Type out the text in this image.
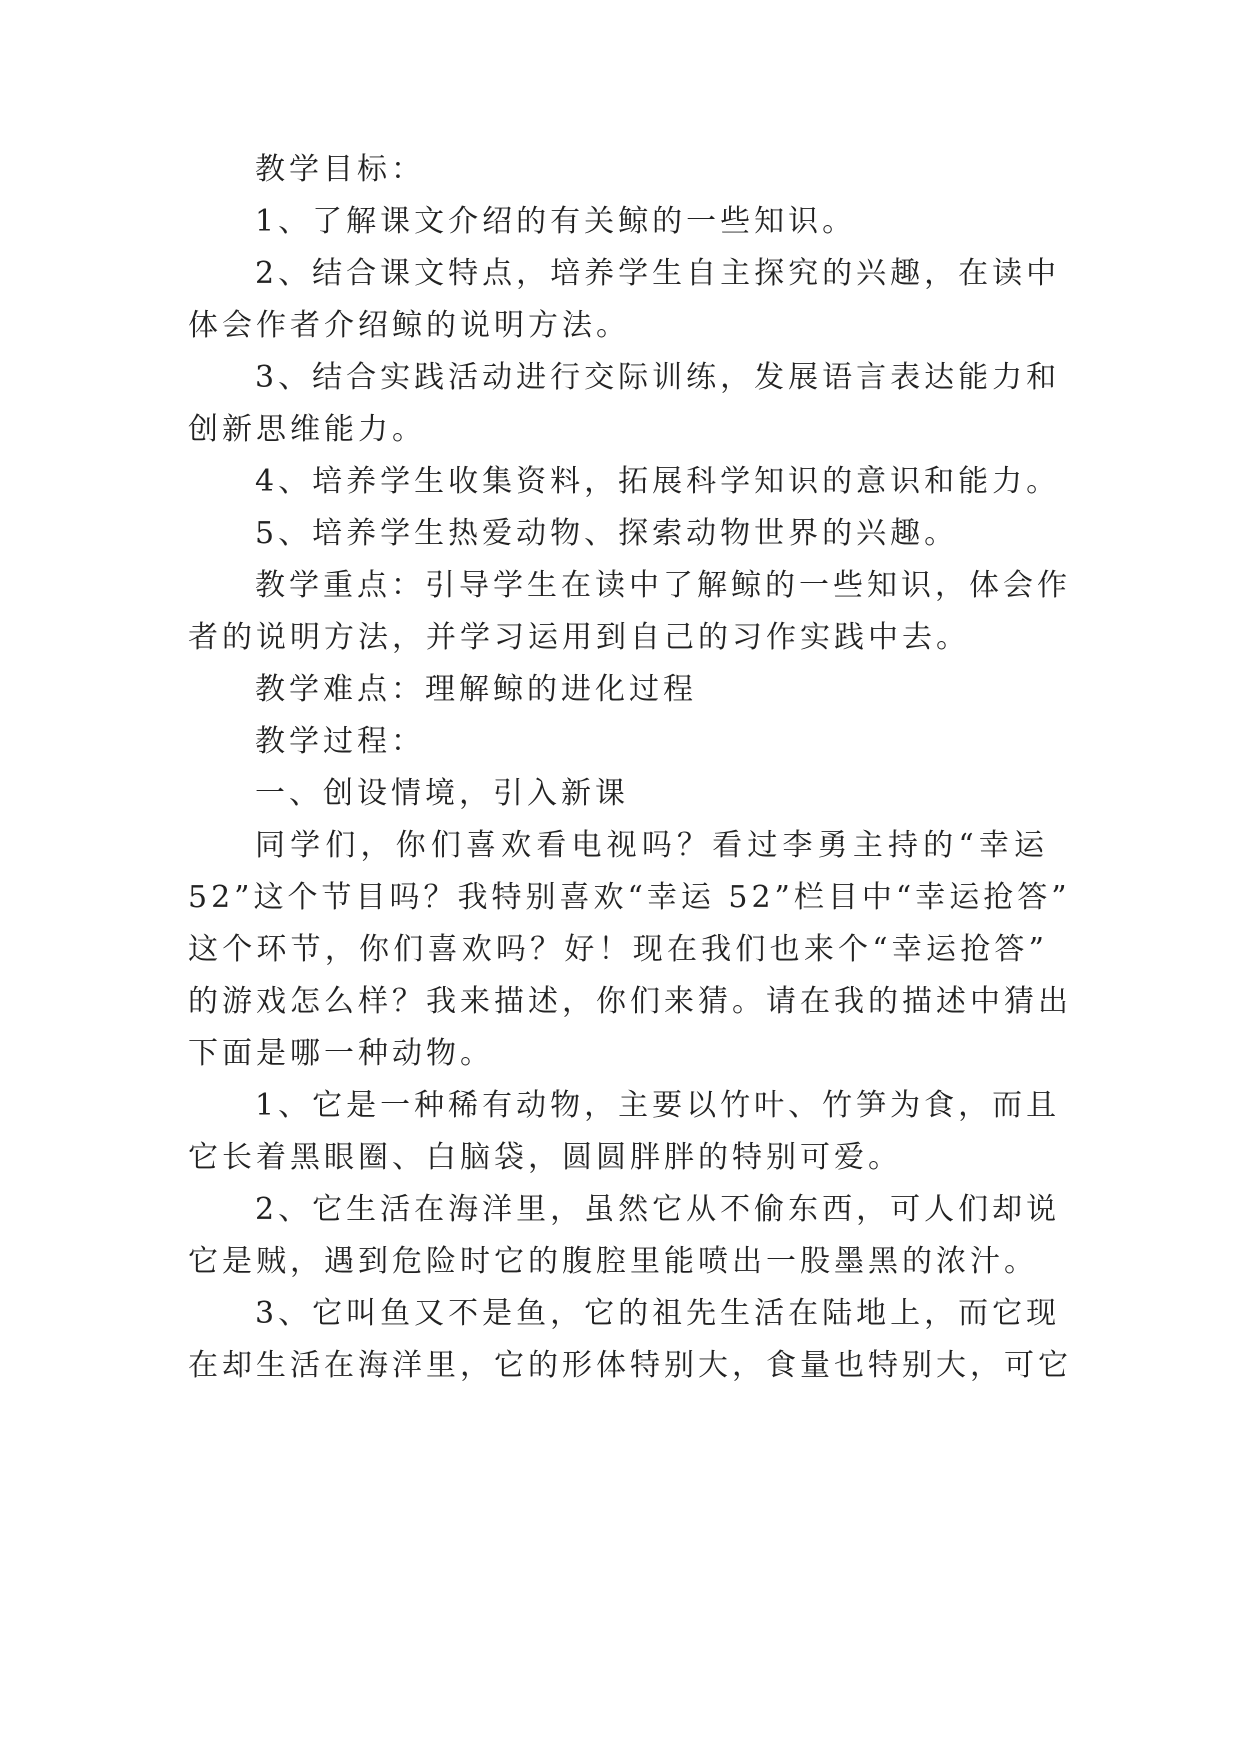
教学目标：
1、了解课文介绍的有关鲸的一些知识。
2、结合课文特点，培养学生自主探究的兴趣，在读中
体会作者介绍鲸的说明方法。
3、结合实践活动进行交际训练，发展语言表达能力和
创新思维能力。
4、培养学生收集资料，拓展科学知识的意识和能力。
5、培养学生热爱动物、探索动物世界的兴趣。
教学重点：引导学生在读中了解鲸的一些知识，体会作
者的说明方法，并学习运用到自己的习作实践中去。
教学难点：理解鲸的进化过程
教学过程：
一、创设情境，引入新课
同学们，你们喜欢看电视吗？看过李勇主持的“幸运
52”这个节目吗？我特别喜欢“幸运 52”栏目中“幸运抢答”
这个环节，你们喜欢吗？好！现在我们也来个“幸运抢答”
的游戏怎么样？我来描述，你们来猜。请在我的描述中猜出
下面是哪一种动物。
1、它是一种稀有动物，主要以竹叶、竹笋为食，而且
它长着黑眼圈、白脑袋，圆圆胖胖的特别可爱。
2、它生活在海洋里，虽然它从不偷东西，可人们却说
它是贼，遇到危险时它的腹腔里能喷出一股墨黑的浓汁。
3、它叫鱼又不是鱼，它的祖先生活在陆地上，而它现
在却生活在海洋里，它的形体特别大，食量也特别大，可它
